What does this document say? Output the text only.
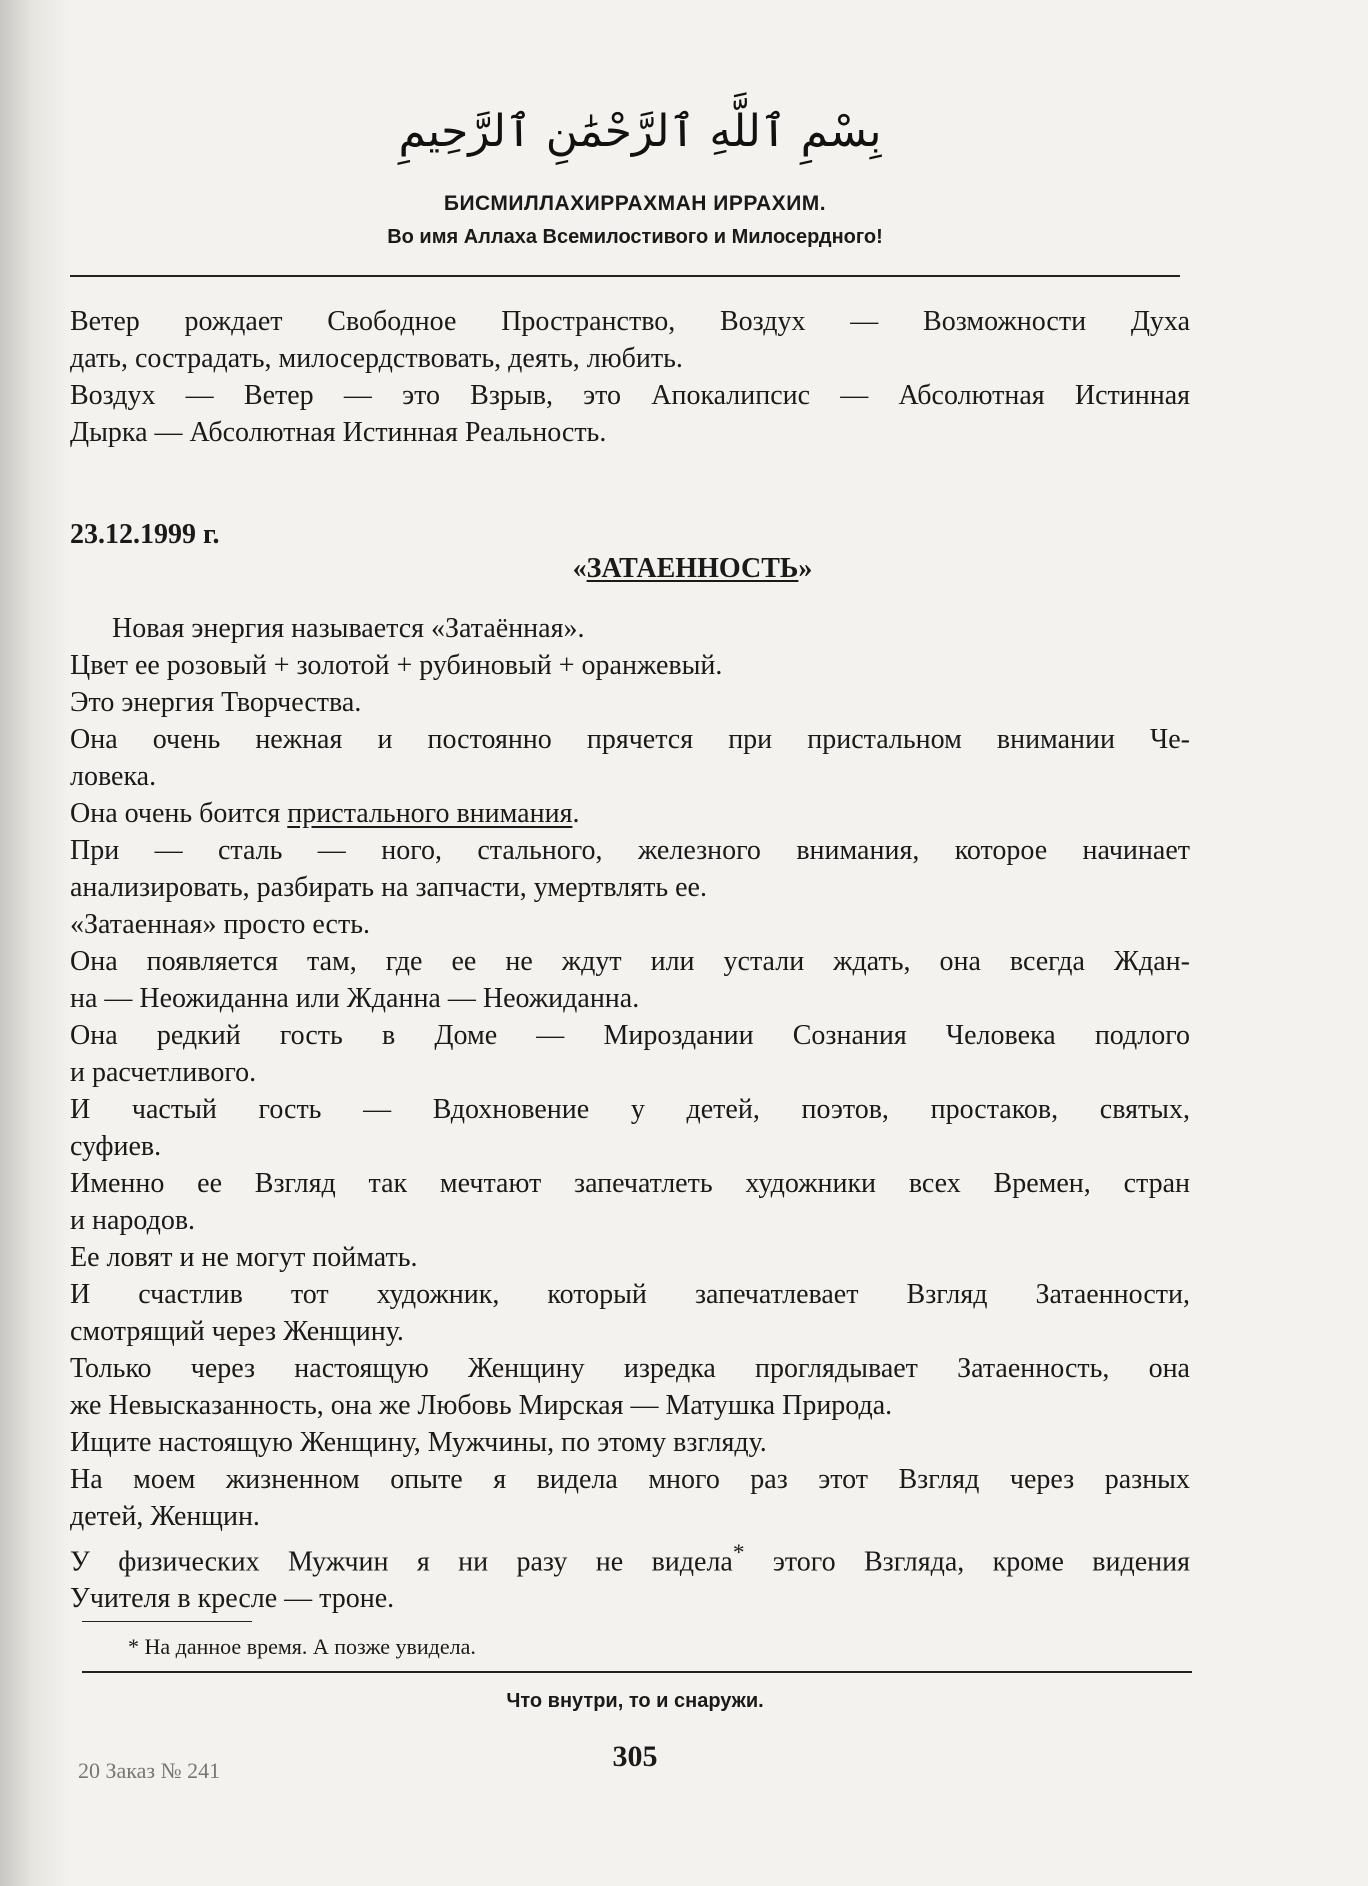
بِسْمِ ٱللَّهِ ٱلرَّحْمَٰنِ ٱلرَّحِيمِ
БИСМИЛЛАХИРРАХМАН ИРРАХИМ.
Во имя Аллаха Всемилостивого и Милосердного!
Ветер рождает Свободное Пространство, Воздух — Возможности Духа
дать, сострадать, милосердствовать, деять, любить.
Воздух — Ветер — это Взрыв, это Апокалипсис — Абсолютная Истинная
Дырка — Абсолютная Истинная Реальность.
23.12.1999 г.
«ЗАТАЕННОСТЬ»
Новая энергия называется «Затаённая».
Цвет ее розовый + золотой + рубиновый + оранжевый.
Это энергия Творчества.
Она очень нежная и постоянно прячется при пристальном внимании Че-
ловека.
Она очень боится пристального внимания.
При — сталь — ного, стального, железного внимания, которое начинает
анализировать, разбирать на запчасти, умертвлять ее.
«Затаенная» просто есть.
Она появляется там, где ее не ждут или устали ждать, она всегда Ждан-
на — Неожиданна или Жданна — Неожиданна.
Она редкий гость в Доме — Мироздании Сознания Человека подлого
и расчетливого.
И частый гость — Вдохновение у детей, поэтов, простаков, святых,
суфиев.
Именно ее Взгляд так мечтают запечатлеть художники всех Времен, стран
и народов.
Ее ловят и не могут поймать.
И счастлив тот художник, который запечатлевает Взгляд Затаенности,
смотрящий через Женщину.
Только через настоящую Женщину изредка проглядывает Затаенность, она
же Невысказанность, она же Любовь Мирская — Матушка Природа.
Ищите настоящую Женщину, Мужчины, по этому взгляду.
На моем жизненном опыте я видела много раз этот Взгляд через разных
детей, Женщин.
У физических Мужчин я ни разу не видела* этого Взгляда, кроме видения
Учителя в кресле — троне.
* На данное время. А позже увидела.
Что внутри, то и снаружи.
305
20 Заказ № 241
